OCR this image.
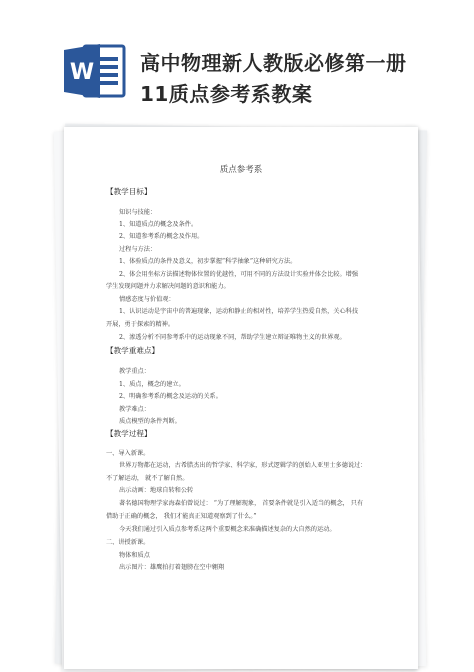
W 高中物理新人教版必修第一册
11质点参考系教案
质点参考系
【教学目标】
知识与技能：
1、知道质点的概念及条件。
2、知道参考系的概念及作用。
过程与方法：
1、体验质点的条件及意义，初步掌握“科学抽象”这种研究方法。
2、体会用坐标方法描述物体位置的优越性，可用不同的方法设计实验并体会比较。增强
学生发现问题并力求解决问题的意识和能力。
情感态度与价值观：
1、认识运动是宇宙中的普遍现象，运动和静止的相对性，培养学生热爱自然，关心科技
开展，勇于探索的精神。
2、渗透分析不同参考系中的运动现象不同，帮助学生建立辩证唯物主义的世界观。
【教学重难点】
教学重点：
1、质点，概念的建立。
2、明确参考系的概念及运动的关系。
教学难点：
质点模型的条件判断。
【教学过程】
一、导入新课。
世界万物都在运动，古希腊杰出的哲学家、科学家，形式逻辑学的创始人亚里士多德说过：
不了解运动， 就不了解自然。
出示动画：地球自转和公转
著名德国物理学家海森伯曾说过： “为了理解现象， 首要条件就是引入适当的概念， 只有
借助于正确的概念， 我们才能真正知道观察到了什么。”
今天我们通过引入质点参考系这两个重要概念来准确描述复杂的大自然的运动。
二、讲授新课。
物体和质点
出示图片：雄鹰拍打着翅膀在空中翱翔
